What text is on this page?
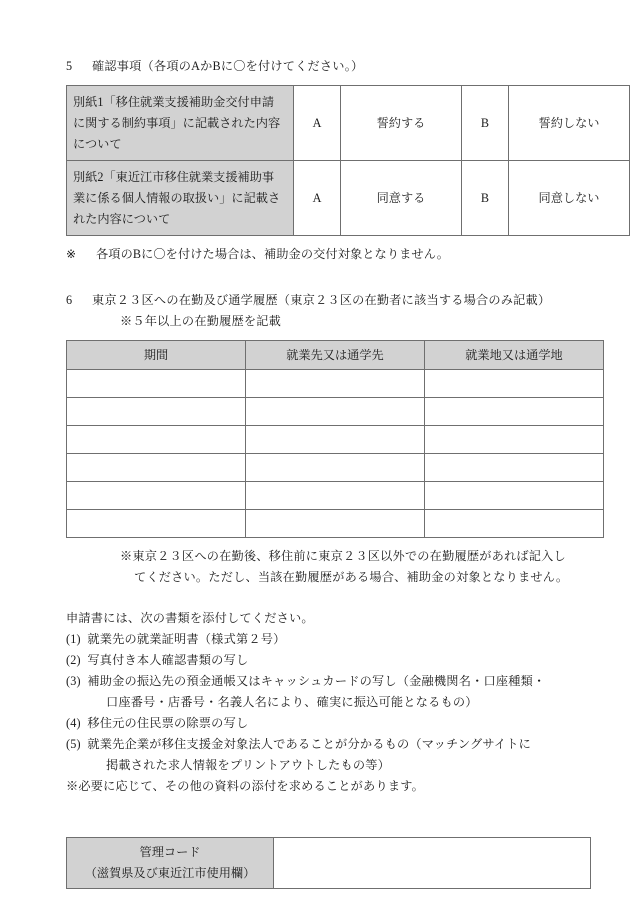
5 確認事項（各項のAかBに〇を付けてください。）
別紙1「移住就業支援補助金交付申請
に関する制約事項」に記載された内容
について	A	誓約する	B	誓約しない

別紙2「東近江市移住就業支援補助事
業に係る個人情報の取扱い」に記載さ
れた内容について	A	同意する	B	同意しない
※ 各項のBに〇を付けた場合は、補助金の交付対象となりません。
6 東京２３区への在勤及び通学履歴（東京２３区の在勤者に該当する場合のみ記載）
※５年以上の在勤履歴を記載
期間	就業先又は通学先	就業地又は通学地

※東京２３区への在勤後、移住前に東京２３区以外での在勤履歴があれば記入し
てください。ただし、当該在勤履歴がある場合、補助金の対象となりません。
申請書には、次の書類を添付してください。
(1) 就業先の就業証明書（様式第２号）
(2) 写真付き本人確認書類の写し
(3) 補助金の振込先の預金通帳又はキャッシュカードの写し（金融機関名・口座種類・
口座番号・店番号・名義人名により、確実に振込可能となるもの）
(4) 移住元の住民票の除票の写し
(5) 就業先企業が移住支援金対象法人であることが分かるもの（マッチングサイトに
掲載された求人情報をプリントアウトしたもの等）
※必要に応じて、その他の資料の添付を求めることがあります。
管理コード
（滋賀県及び東近江市使用欄）
